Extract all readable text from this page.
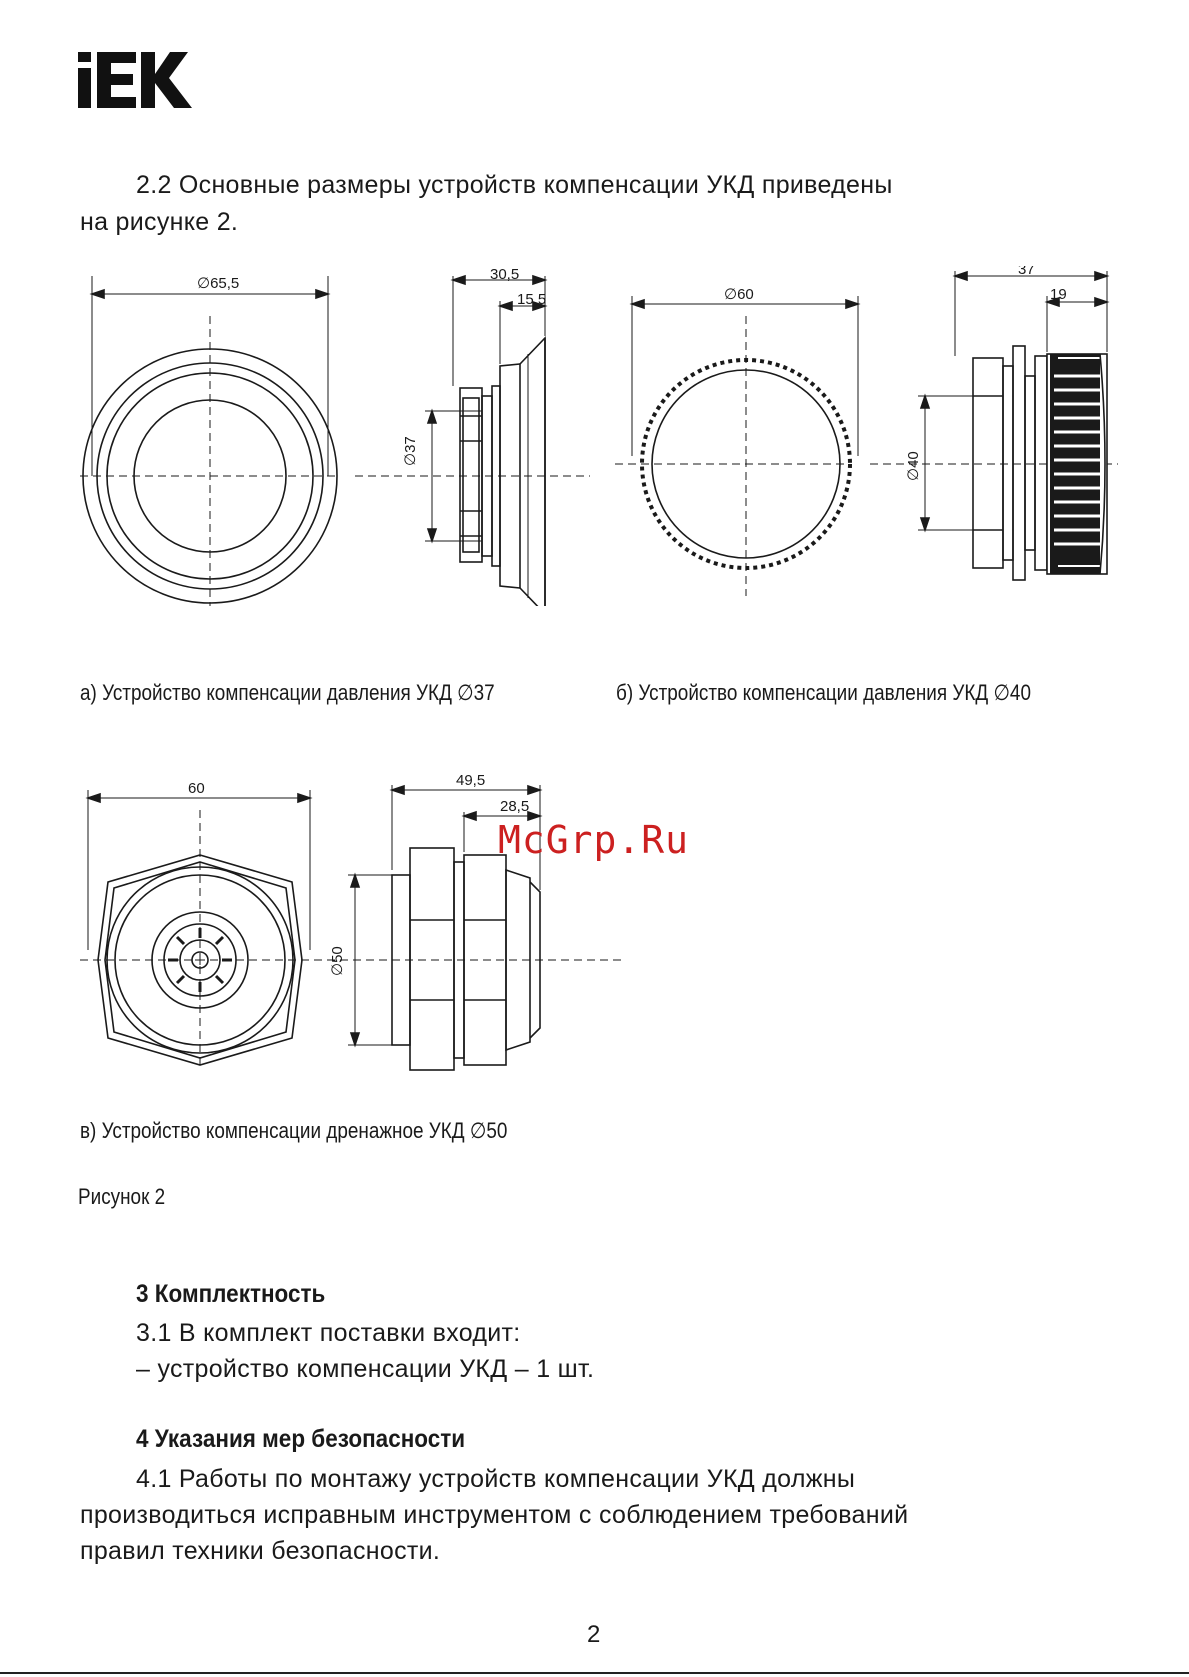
2.2 Основные размеры устройств компенсации УКД приведены
на рисунке 2.
∅65,5
30,5
15,5
∅37
∅60
37
19
∅40
а) Устройство компенсации давления УКД ∅37	б) Устройство компенсации давления УКД ∅40
60	49,5
28,5
∅50
McGrp.Ru
в) Устройство компенсации дренажное УКД ∅50
Рисунок 2
3 Комплектность
3.1 В комплект поставки входит:
– устройство компенсации УКД – 1 шт.
4 Указания мер безопасности
4.1 Работы по монтажу устройств компенсации УКД должны
производиться исправным инструментом с соблюдением требований
правил техники безопасности.
2
